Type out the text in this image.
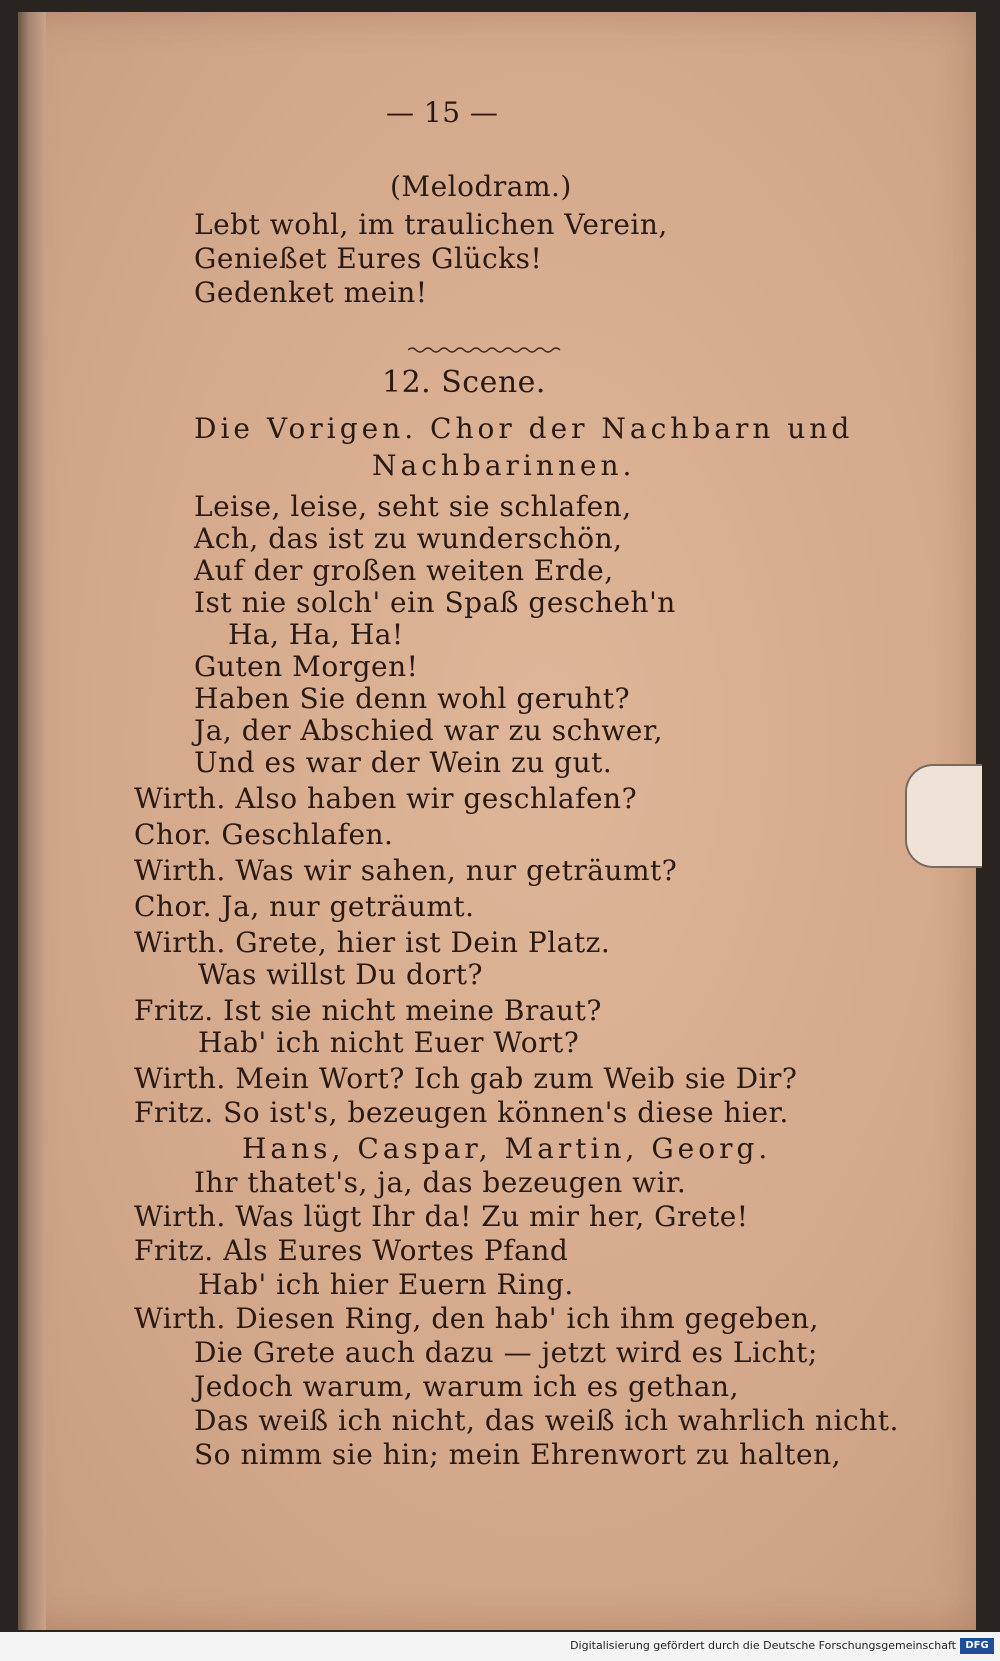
— 15 —
(Melodram.)
Lebt wohl, im traulichen Verein,
Genießet Eures Glücks!
Gedenket mein!
12. Scene.
Die Vorigen. Chor der Nachbarn und
Nachbarinnen.
Leise, leise, seht sie schlafen,
Ach, das ist zu wunderschön,
Auf der großen weiten Erde,
Ist nie solch' ein Spaß gescheh'n
Ha, Ha, Ha!
Guten Morgen!
Haben Sie denn wohl geruht?
Ja, der Abschied war zu schwer,
Und es war der Wein zu gut.
Wirth. Also haben wir geschlafen?
Chor. Geschlafen.
Wirth. Was wir sahen, nur geträumt?
Chor. Ja, nur geträumt.
Wirth. Grete, hier ist Dein Platz.
Was willst Du dort?
Fritz. Ist sie nicht meine Braut?
Hab' ich nicht Euer Wort?
Wirth. Mein Wort? Ich gab zum Weib sie Dir?
Fritz. So ist's, bezeugen können's diese hier.
Hans, Caspar, Martin, Georg.
Ihr thatet's, ja, das bezeugen wir.
Wirth. Was lügt Ihr da! Zu mir her, Grete!
Fritz. Als Eures Wortes Pfand
Hab' ich hier Euern Ring.
Wirth. Diesen Ring, den hab' ich ihm gegeben,
Die Grete auch dazu — jetzt wird es Licht;
Jedoch warum, warum ich es gethan,
Das weiß ich nicht, das weiß ich wahrlich nicht.
So nimm sie hin; mein Ehrenwort zu halten,
Digitalisierung gefördert durch die Deutsche Forschungsgemeinschaft DFG
